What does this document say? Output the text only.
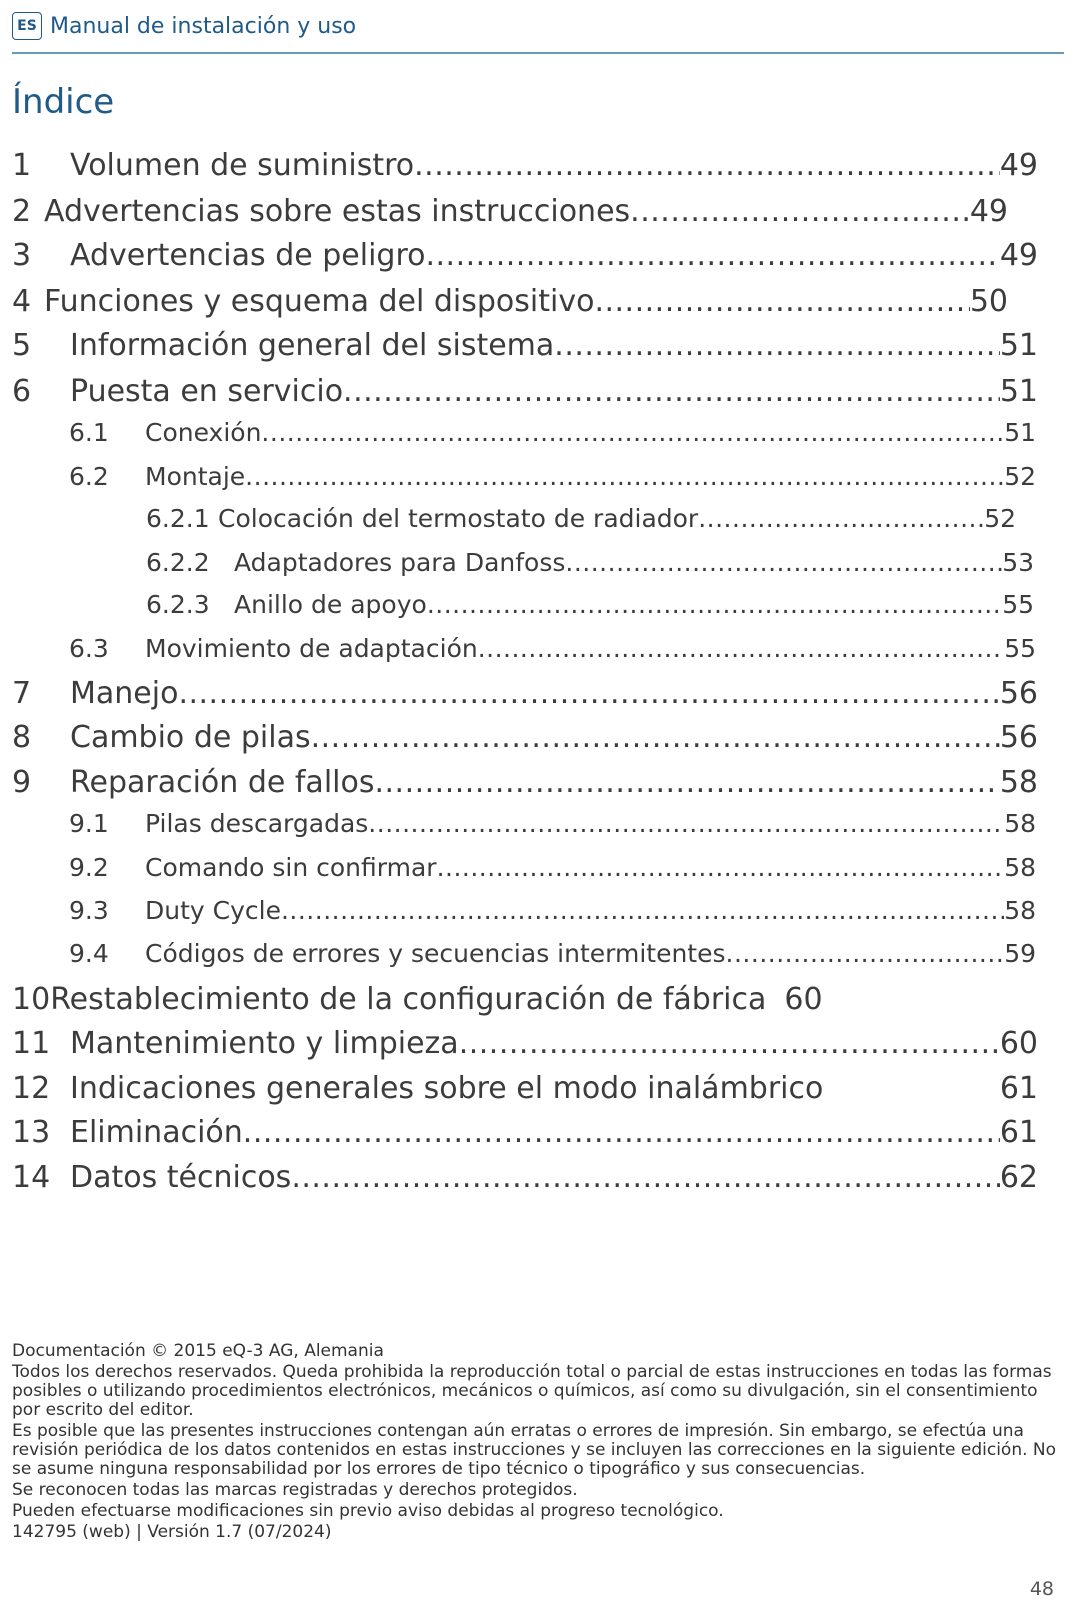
ES Manual de instalación y uso
Índice
1	Volumen de suministro .....	49
2 Advertencias sobre estas instrucciones .....	49
3	Advertencias de peligro .....	49
4 Funciones y esquema del dispositivo .....	50
5	Información general del sistema .....	51
6	Puesta en servicio .....	51
6.1	Conexión .....	51
6.2	Montaje .....	52
6.2.1 Colocación del termostato de radiador .....	52
6.2.2 Adaptadores para Danfoss .....	53
6.2.3 Anillo de apoyo .....	55
6.3	Movimiento de adaptación .....	55
7	Manejo .....	56
8	Cambio de pilas .....	56
9	Reparación de fallos .....	58
9.1	Pilas descargadas .....	58
9.2	Comando sin confirmar .....	58
9.3	Duty Cycle .....	58
9.4	Códigos de errores y secuencias intermitentes .....	59
10 Restablecimiento de la configuración de fábrica 60
11 Mantenimiento y limpieza .....	60
12 Indicaciones generales sobre el modo inalámbrico	61
13 Eliminación .....	61
14 Datos técnicos .....	62

Documentación © 2015 eQ-3 AG, Alemania

Todos los derechos reservados. Queda prohibida la reproducción total o parcial de estas instrucciones en todas las formas posibles o utilizando procedimientos electrónicos, mecánicos o químicos, así como su divulgación, sin el consentimiento por escrito del editor.

Es posible que las presentes instrucciones contengan aún erratas o errores de impresión. Sin embargo, se efectúa una revisión periódica de los datos contenidos en estas instrucciones y se incluyen las correcciones en la siguiente edición. No se asume ninguna responsabilidad por los errores de tipo técnico o tipográfico y sus consecuencias.

Se reconocen todas las marcas registradas y derechos protegidos.

Pueden efectuarse modificaciones sin previo aviso debidas al progreso tecnológico.

142795 (web) | Versión 1.7 (07/2024)

48
